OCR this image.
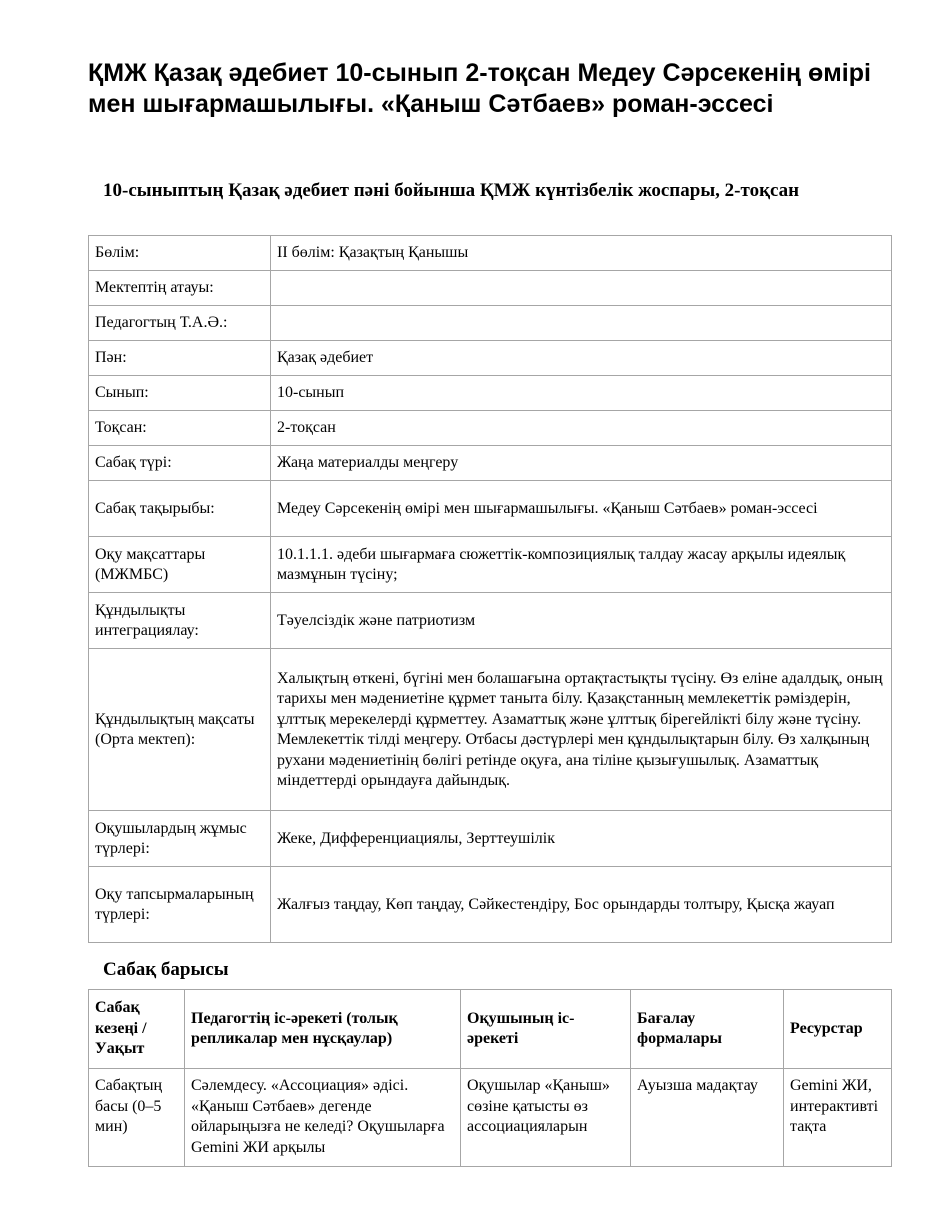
ҚМЖ Қазақ әдебиет 10-сынып 2-тоқсан Медеу Сәрсекенің өмірі мен шығармашылығы. «Қаныш Сәтбаев» роман-эссесі
10-сыныптың Қазақ әдебиет пәні бойынша ҚМЖ күнтізбелік жоспары, 2-тоқсан
Бөлім:	ІІ бөлім: Қазақтың Қанышы
Мектептің атауы:	
Педагогтың Т.А.Ә.:	
Пән:	Қазақ әдебиет
Сынып:	10-сынып
Тоқсан:	2-тоқсан
Сабақ түрі:	Жаңа материалды меңгеру
Сабақ тақырыбы:	Медеу Сәрсекенің өмірі мен шығармашылығы. «Қаныш Сәтбаев» роман-эссесі
Оқу мақсаттары (МЖМБС)	10.1.1.1. әдеби шығармаға сюжеттік-композициялық талдау жасау арқылы идеялық мазмұнын түсіну;
Құндылықты интеграциялау:	Тәуелсіздік және патриотизм
Құндылықтың мақсаты (Орта мектеп):	Халықтың өткені, бүгіні мен болашағына ортақтастықты түсіну. Өз еліне адалдық, оның тарихы мен мәдениетіне құрмет таныта білу. Қазақстанның мемлекеттік рәміздерін, ұлттық мерекелерді құрметтеу. Азаматтық және ұлттық бірегейлікті білу және түсіну. Мемлекеттік тілді меңгеру. Отбасы дәстүрлері мен құндылықтарын білу. Өз халқының рухани мәдениетінің бөлігі ретінде оқуға, ана тіліне қызығушылық. Азаматтық міндеттерді орындауға дайындық.
Оқушылардың жұмыс түрлері:	Жеке, Дифференциациялы, Зерттеушілік
Оқу тапсырмаларының түрлері:	Жалғыз таңдау, Көп таңдау, Сәйкестендіру, Бос орындарды толтыру, Қысқа жауап
Сабақ барысы
Сабақ кезеңі / Уақыт	Педагогтің іс-әрекеті (толық репликалар мен нұсқаулар)	Оқушының іс-әрекеті	Бағалау формалары	Ресурстар
Сабақтың басы (0–5 мин)	Сәлемдесу. «Ассоциация» әдісі. «Қаныш Сәтбаев» дегенде ойларыңызға не келеді? Оқушыларға Gemini ЖИ арқылы	Оқушылар «Қаныш» сөзіне қатысты өз ассоциацияларын	Ауызша мадақтау	Gemini ЖИ, интерактивті тақта
